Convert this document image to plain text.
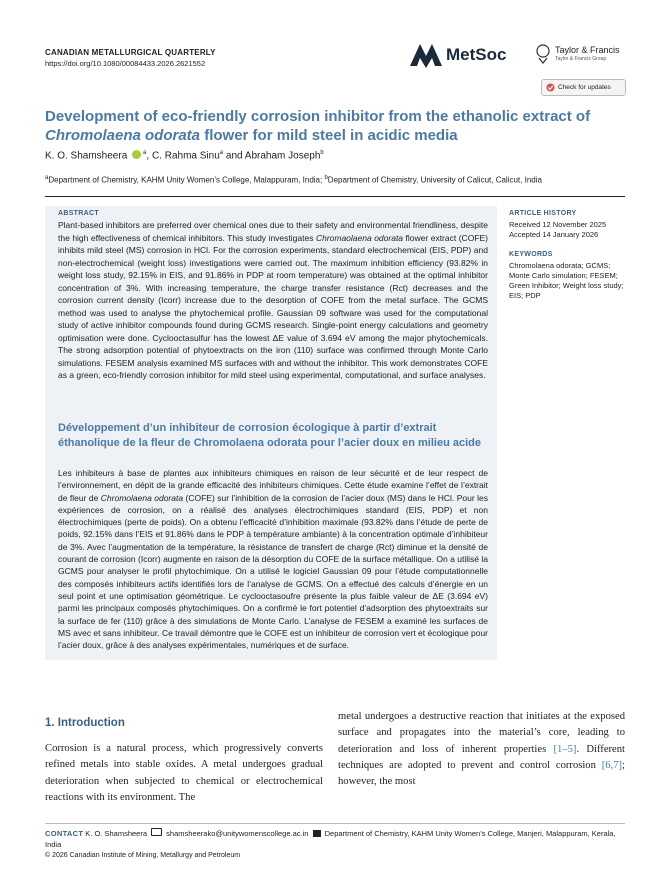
CANADIAN METALLURGICAL QUARTERLY
https://doi.org/10.1080/00084433.2026.2621552	MetSoc	Taylor & Francis
Taylor & Francis Group
Check for updates
Development of eco-friendly corrosion inhibitor from the ethanolic extract of
Chromolaena odorata flower for mild steel in acidic media
K. O. Shamsheera	$^a$, C. Rahma Sinu$^a$ and Abraham Joseph$^b$
$^a$Department of Chemistry, KAHM Unity Women’s College, Malappuram, India; $^b$Department of Chemistry, University of Calicut, Calicut, India
ABSTRACT
Plant-based inhibitors are preferred over chemical ones due to their safety and environmental friendliness, despite the high effectiveness of chemical inhibitors. This study investigates Chromaolaena odorata flower extract (COFE) inhibits mild steel (MS) corrosion in HCl. For the corrosion experiments, standard electrochemical (EIS, PDP) and non-electrochemical (weight loss) investigations were carried out. The maximum inhibition efficiency (93.82% in weight loss study, 92.15% in EIS, and 91.86% in PDP at room temperature) was obtained at the optimal inhibitor concentration of 3%. With increasing temperature, the charge transfer resistance (Rct) decreases and the corrosion current density (Icorr) increase due to the desorption of COFE from the metal surface. The GCMS method was used to analyse the phytochemical profile. Gaussian 09 software was used for the computational study of active inhibitor compounds found during GCMS research. Single-point energy calculations and geometry optimisation were done. Cyclooctasulfur has the lowest ΔE value of 3.694 eV among the major phytochemicals. The strong adsorption potential of phytoextracts on the iron (110) surface was confirmed through Monte Carlo simulations. FESEM analysis examined MS surfaces with and without the inhibitor. This work demonstrates COFE as a green, eco-friendly corrosion inhibitor for mild steel using experimental, computational, and surface analyses.
Développement d’un inhibiteur de corrosion écologique à partir d’extrait éthanolique de la fleur de Chromolaena odorata pour l’acier doux en milieu acide
Les inhibiteurs à base de plantes aux inhibiteurs chimiques en raison de leur sécurité et de leur respect de l’environnement, en dépit de la grande efficacité des inhibiteurs chimiques. Cette étude examine l’effet de l’extrait de fleur de Chromolaena odorata (COFE) sur l’inhibition de la corrosion de l’acier doux (MS) dans le HCl. Pour les expériences de corrosion, on a réalisé des analyses électrochimiques standard (EIS, PDP) et non électrochimiques (perte de poids). On a obtenu l’efficacité d’inhibition maximale (93.82% dans l’étude de perte de poids, 92.15% dans l’EIS et 91.86% dans le PDP à température ambiante) à la concentration optimale d’inhibiteur de 3%. Avec l’augmentation de la température, la résistance de transfert de charge (Rct) diminue et la densité de courant de corrosion (Icorr) augmente en raison de la désorption du COFE de la surface métallique. On a utilisé la GCMS pour analyser le profil phytochimique. On a utilisé le logiciel Gaussian 09 pour l’étude computationnelle des composés inhibiteurs actifs identifiés lors de l’analyse de GCMS. On a effectué des calculs d’énergie en un seul point et une optimisation géométrique. Le cyclooctasoufre présente la plus faible valeur de ΔE (3.694 eV) parmi les principaux composés phytochimiques. On a confirmé le fort potentiel d’adsorption des phytoextraits sur la surface de fer (110) grâce à des simulations de Monte Carlo. L’analyse de FESEM a examiné les surfaces de MS avec et sans inhibiteur. Ce travail démontre que le COFE est un inhibiteur de corrosion vert et écologique pour l’acier doux, grâce à des analyses expérimentales, numériques et de surface.
ARTICLE HISTORY
Received 12 November 2025
Accepted 14 January 2026
KEYWORDS
Chromolaena odorata; GCMS; Monte Carlo simulation; FESEM; Green Inhibitor; Weight loss study; EIS; PDP
1. Introduction
Corrosion is a natural process, which progressively converts refined metals into stable oxides. A metal undergoes gradual deterioration when subjected to chemical or electrochemical reactions with its environment. The
metal undergoes a destructive reaction that initiates at the exposed surface and propagates into the material’s core, leading to deterioration and loss of inherent properties [1–5]. Different techniques are adopted to prevent and control corrosion [6,7]; however, the most
CONTACT K. O. Shamsheera  shamsheerako@unitywomenscollege.ac.in  Department of Chemistry, KAHM Unity Women’s College, Manjeri, Malappuram, Kerala, India
© 2026 Canadian Institute of Mining, Metallurgy and Petroleum
